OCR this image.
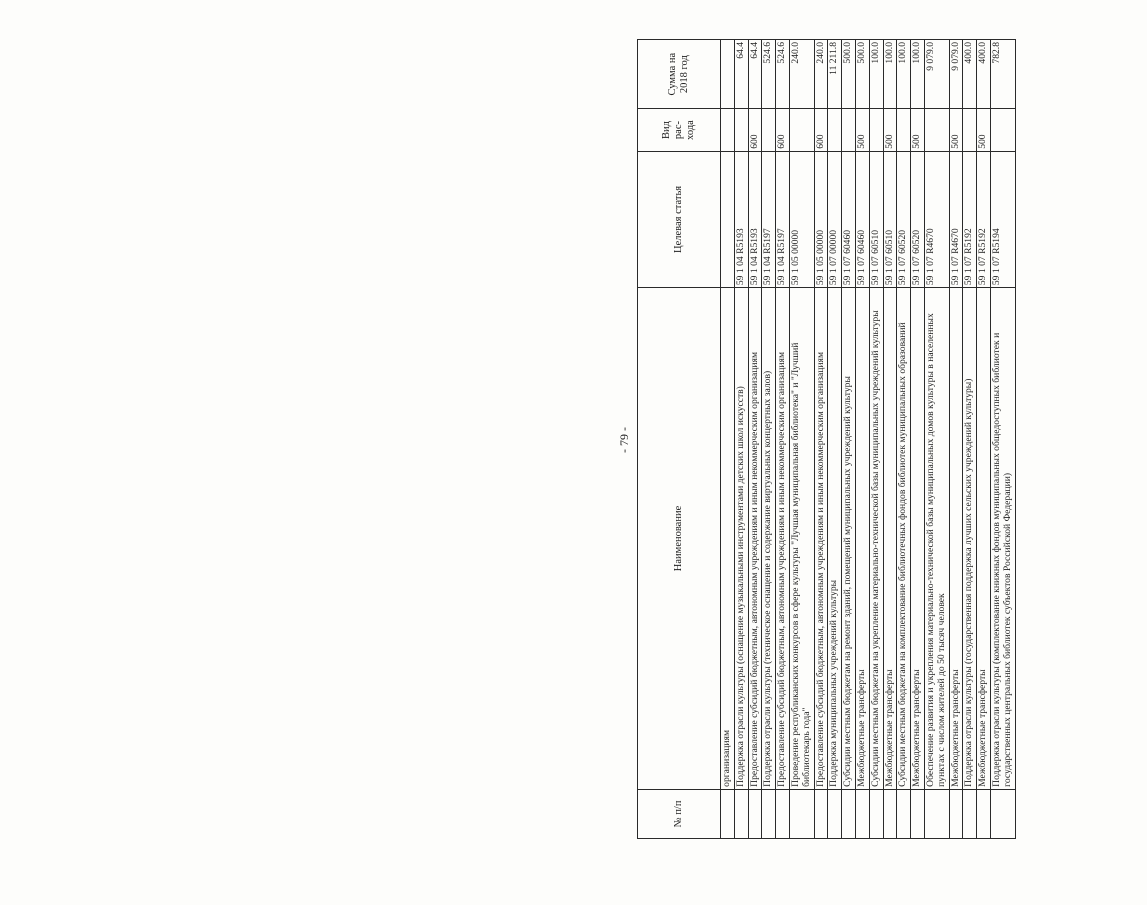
- 79 -
№ п/п	Наименование	Целевая статья	Вид рас- хода	Сумма на 2018 год
	организациям			
	Поддержка отрасли культуры (оснащение музыкальными инструментами детских школ искусств)	59 1 04 R5193		64.4
	Предоставление субсидий бюджетным, автономным учреждениям и иным некоммерческим организациям	59 1 04 R5193	600	64.4
	Поддержка отрасли культуры (техническое оснащение и содержание виртуальных концертных залов)	59 1 04 R5197		524.6
	Предоставление субсидий бюджетным, автономным учреждениям и иным некоммерческим организациям	59 1 04 R5197	600	524.6
	Проведение республиканских конкурсов в сфере культуры "Лучшая муниципальная библиотека" и "Лучший библиотекарь года"	59 1 05 00000		240.0
	Предоставление субсидий бюджетным, автономным учреждениям и иным некоммерческим организациям	59 1 05 00000	600	240.0
	Поддержка муниципальных учреждений культуры	59 1 07 00000		11 211.8
	Субсидии местным бюджетам на ремонт зданий, помещений муниципальных учреждений культуры	59 1 07 60460		500.0
	Межбюджетные трансферты	59 1 07 60460	500	500.0
	Субсидии местным бюджетам на укрепление материально-технической базы муниципальных учреждений культуры	59 1 07 60510		100.0
	Межбюджетные трансферты	59 1 07 60510	500	100.0
	Субсидии местным бюджетам на комплектование библиотечных фондов библиотек муниципальных образований	59 1 07 60520		100.0
	Межбюджетные трансферты	59 1 07 60520	500	100.0
	Обеспечение развития и укрепления материально-технической базы муниципальных домов культуры в населенных пунктах с числом жителей до 50 тысяч человек	59 1 07 R4670		9 079.0
	Межбюджетные трансферты	59 1 07 R4670	500	9 079.0
	Поддержка отрасли культуры (государственная поддержка лучших сельских учреждений культуры)	59 1 07 R5192		400.0
	Межбюджетные трансферты	59 1 07 R5192	500	400.0
	Поддержка отрасли культуры (комплектование книжных фондов муниципальных общедоступных библиотек и государственных центральных библиотек субъектов Российской Федерации)	59 1 07 R5194		782.8
